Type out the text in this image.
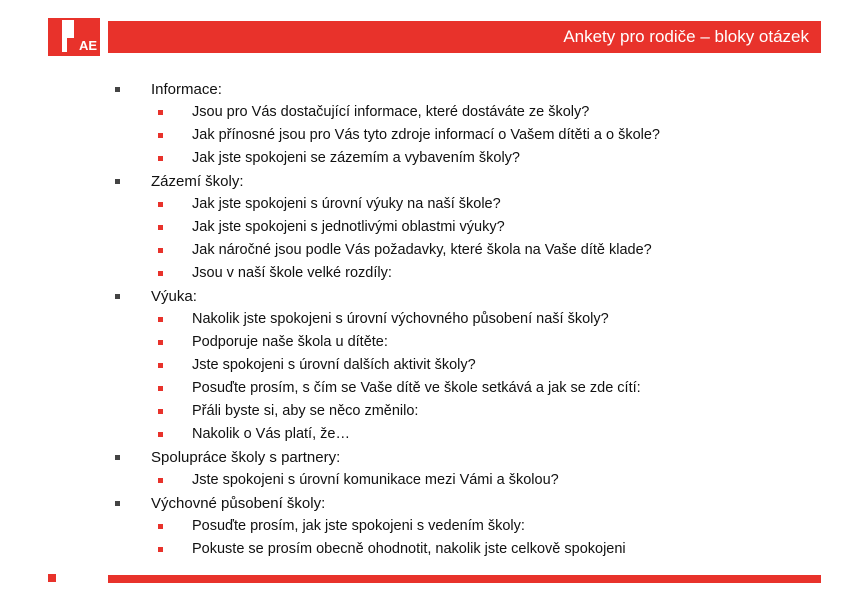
AE	Ankety pro rodiče – bloky otázek
Informace:
Jsou pro Vás dostačující informace, které dostáváte ze školy?
Jak přínosné jsou pro Vás tyto zdroje informací o Vašem dítěti a o škole?
Jak jste spokojeni se zázemím a vybavením školy?
Zázemí školy:
Jak jste spokojeni s úrovní výuky na naší škole?
Jak jste spokojeni s jednotlivými oblastmi výuky?
Jak náročné jsou podle Vás požadavky, které škola na Vaše dítě klade?
Jsou v naší škole velké rozdíly:
Výuka:
Nakolik jste spokojeni s úrovní výchovného působení naší školy?
Podporuje naše škola u dítěte:
Jste spokojeni s úrovní dalších aktivit školy?
Posuďte prosím, s čím se Vaše dítě ve škole setkává a jak se zde cítí:
Přáli byste si, aby se něco změnilo:
Nakolik o Vás platí, že…
Spolupráce školy s partnery:
Jste spokojeni s úrovní komunikace mezi Vámi a školou?
Výchovné působení školy:
Posuďte prosím, jak jste spokojeni s vedením školy:
Pokuste se prosím obecně ohodnotit, nakolik jste celkově spokojeni
